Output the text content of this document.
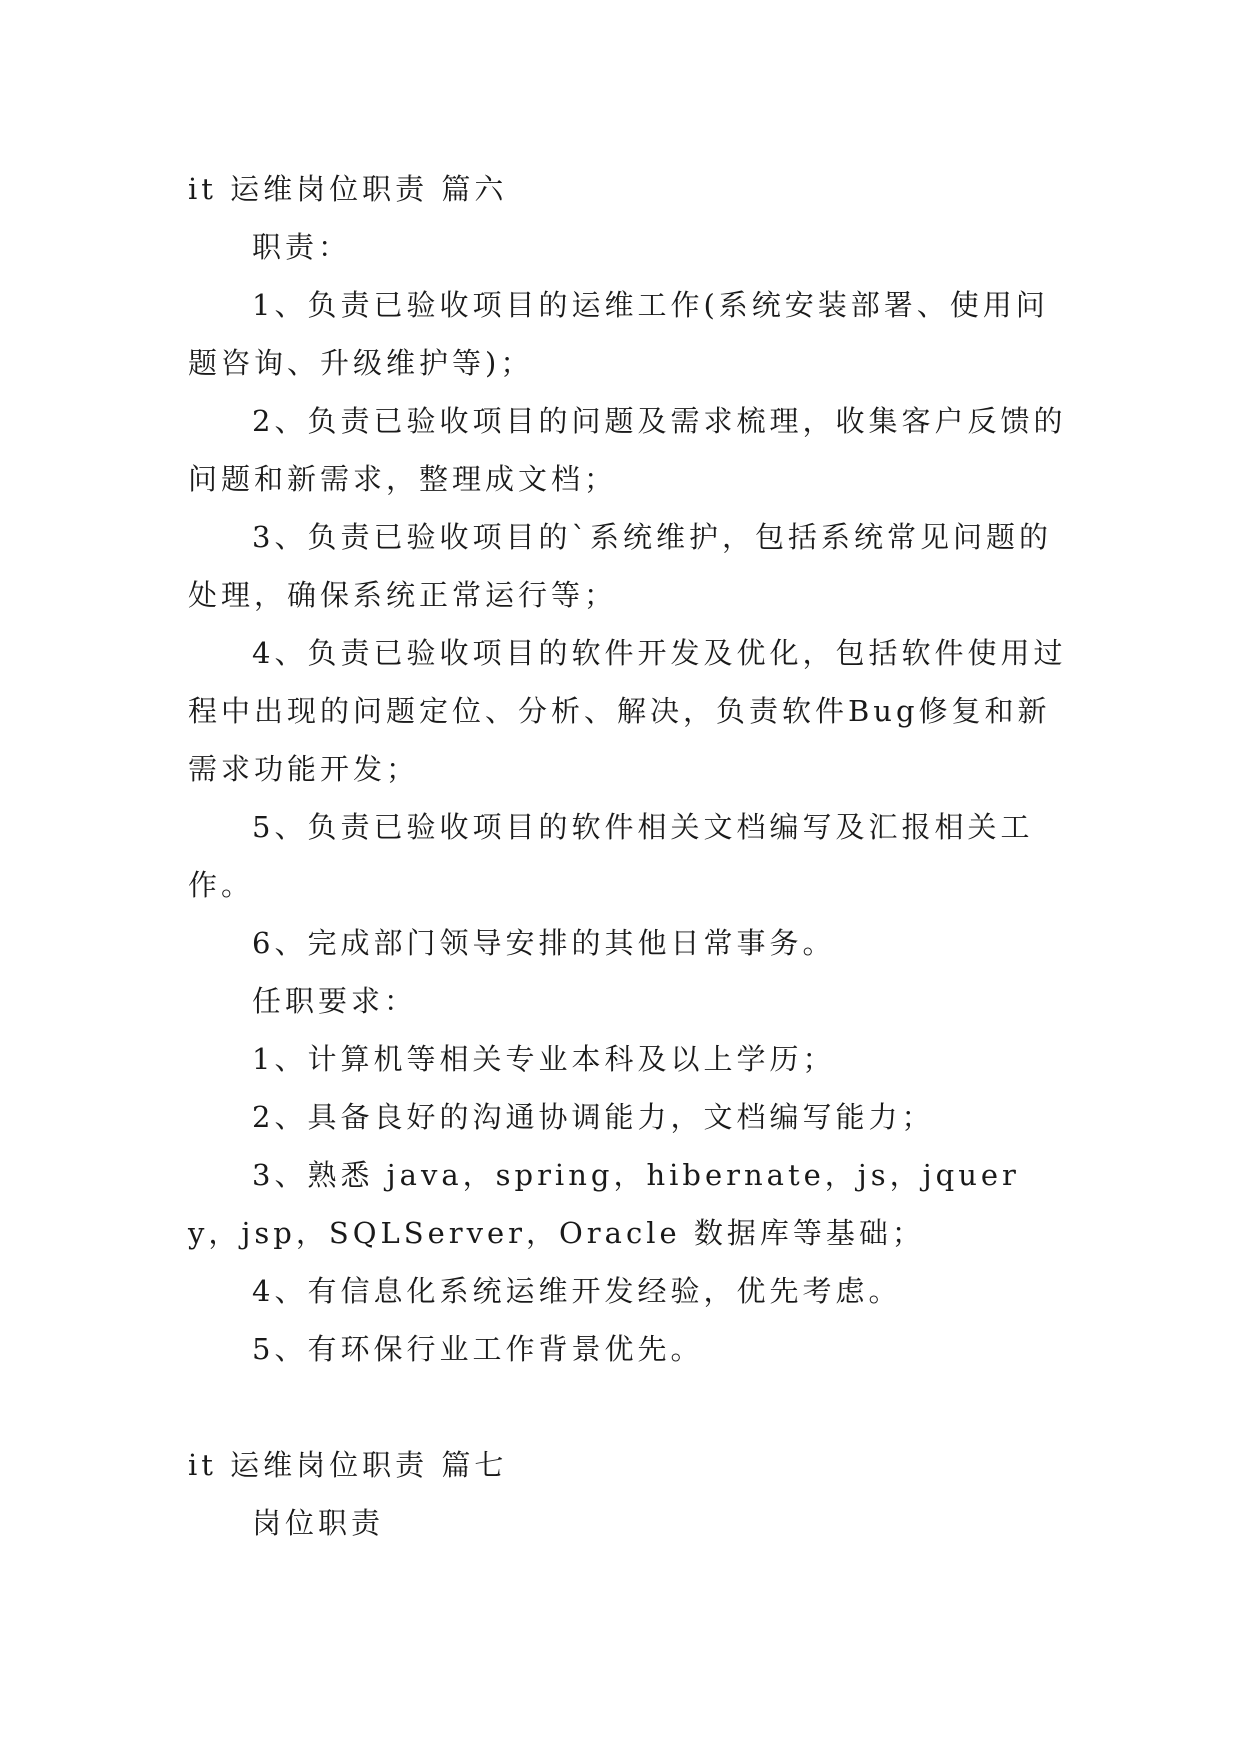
it 运维岗位职责 篇六

职责：

1、负责已验收项目的运维工作(系统安装部署、使用问题咨询、升级维护等)；

2、负责已验收项目的问题及需求梳理，收集客户反馈的问题和新需求，整理成文档；

3、负责已验收项目的`系统维护，包括系统常见问题的处理，确保系统正常运行等；

4、负责已验收项目的软件开发及优化，包括软件使用过程中出现的问题定位、分析、解决，负责软件Bug修复和新需求功能开发；

5、负责已验收项目的软件相关文档编写及汇报相关工作。

6、完成部门领导安排的其他日常事务。

任职要求：

1、计算机等相关专业本科及以上学历；

2、具备良好的沟通协调能力，文档编写能力；

3、熟悉 java，spring，hibernate，js，jquery，jsp，SQLServer，Oracle 数据库等基础；

4、有信息化系统运维开发经验，优先考虑。

5、有环保行业工作背景优先。

it 运维岗位职责 篇七

岗位职责
